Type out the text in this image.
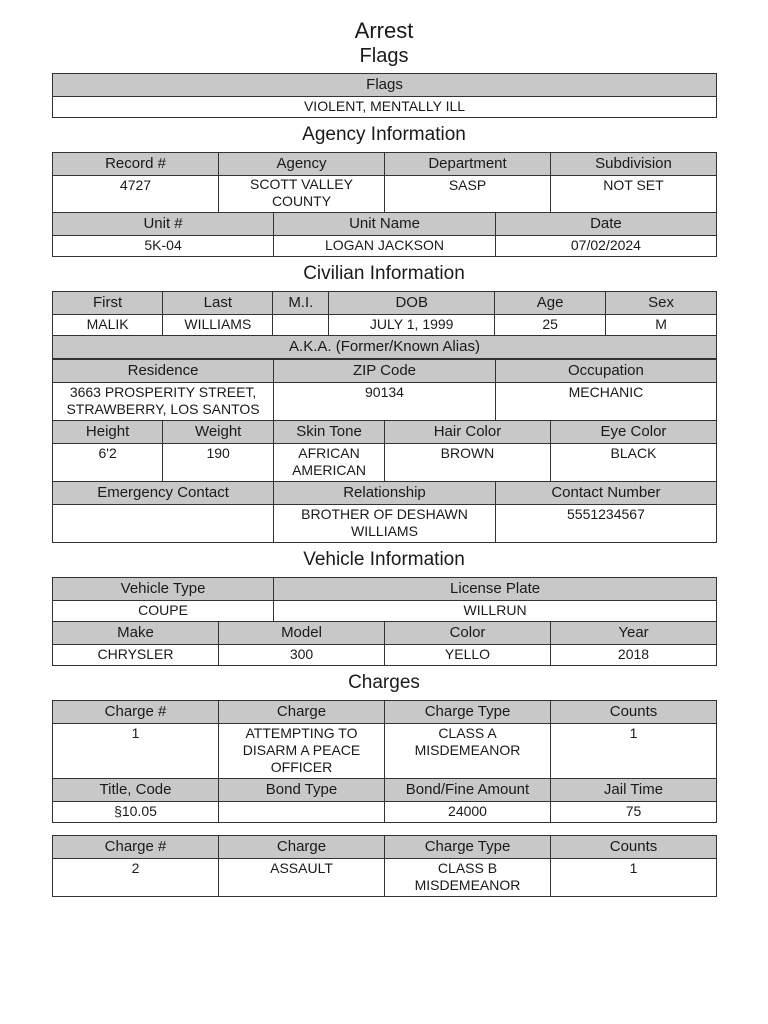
Arrest
Flags
Flags
VIOLENT, MENTALLY ILL
Agency Information
Record #	Agency	Department	Subdivision
4727	SCOTT VALLEY COUNTY	SASP	NOT SET
Unit #	Unit Name	Date
5K-04	LOGAN JACKSON	07/02/2024
Civilian Information
First	Last	M.I.	DOB	Age	Sex
MALIK	WILLIAMS		JULY 1, 1999	25	M
A.K.A. (Former/Known Alias)

Residence	ZIP Code	Occupation
3663 PROSPERITY STREET, STRAWBERRY, LOS SANTOS	90134	MECHANIC
Height	Weight	Skin Tone	Hair Color	Eye Color
6'2	190	AFRICAN AMERICAN	BROWN	BLACK
Emergency Contact	Relationship	Contact Number
	BROTHER OF DESHAWN WILLIAMS	5551234567
Vehicle Information
Vehicle Type	License Plate
COUPE	WILLRUN
Make	Model	Color	Year
CHRYSLER	300	YELLO	2018
Charges
Charge #	Charge	Charge Type	Counts
1	ATTEMPTING TO DISARM A PEACE OFFICER	CLASS A MISDEMEANOR	1
Title, Code	Bond Type	Bond/Fine Amount	Jail Time
§10.05		24000	75
Charge #	Charge	Charge Type	Counts
2	ASSAULT	CLASS B MISDEMEANOR	1
